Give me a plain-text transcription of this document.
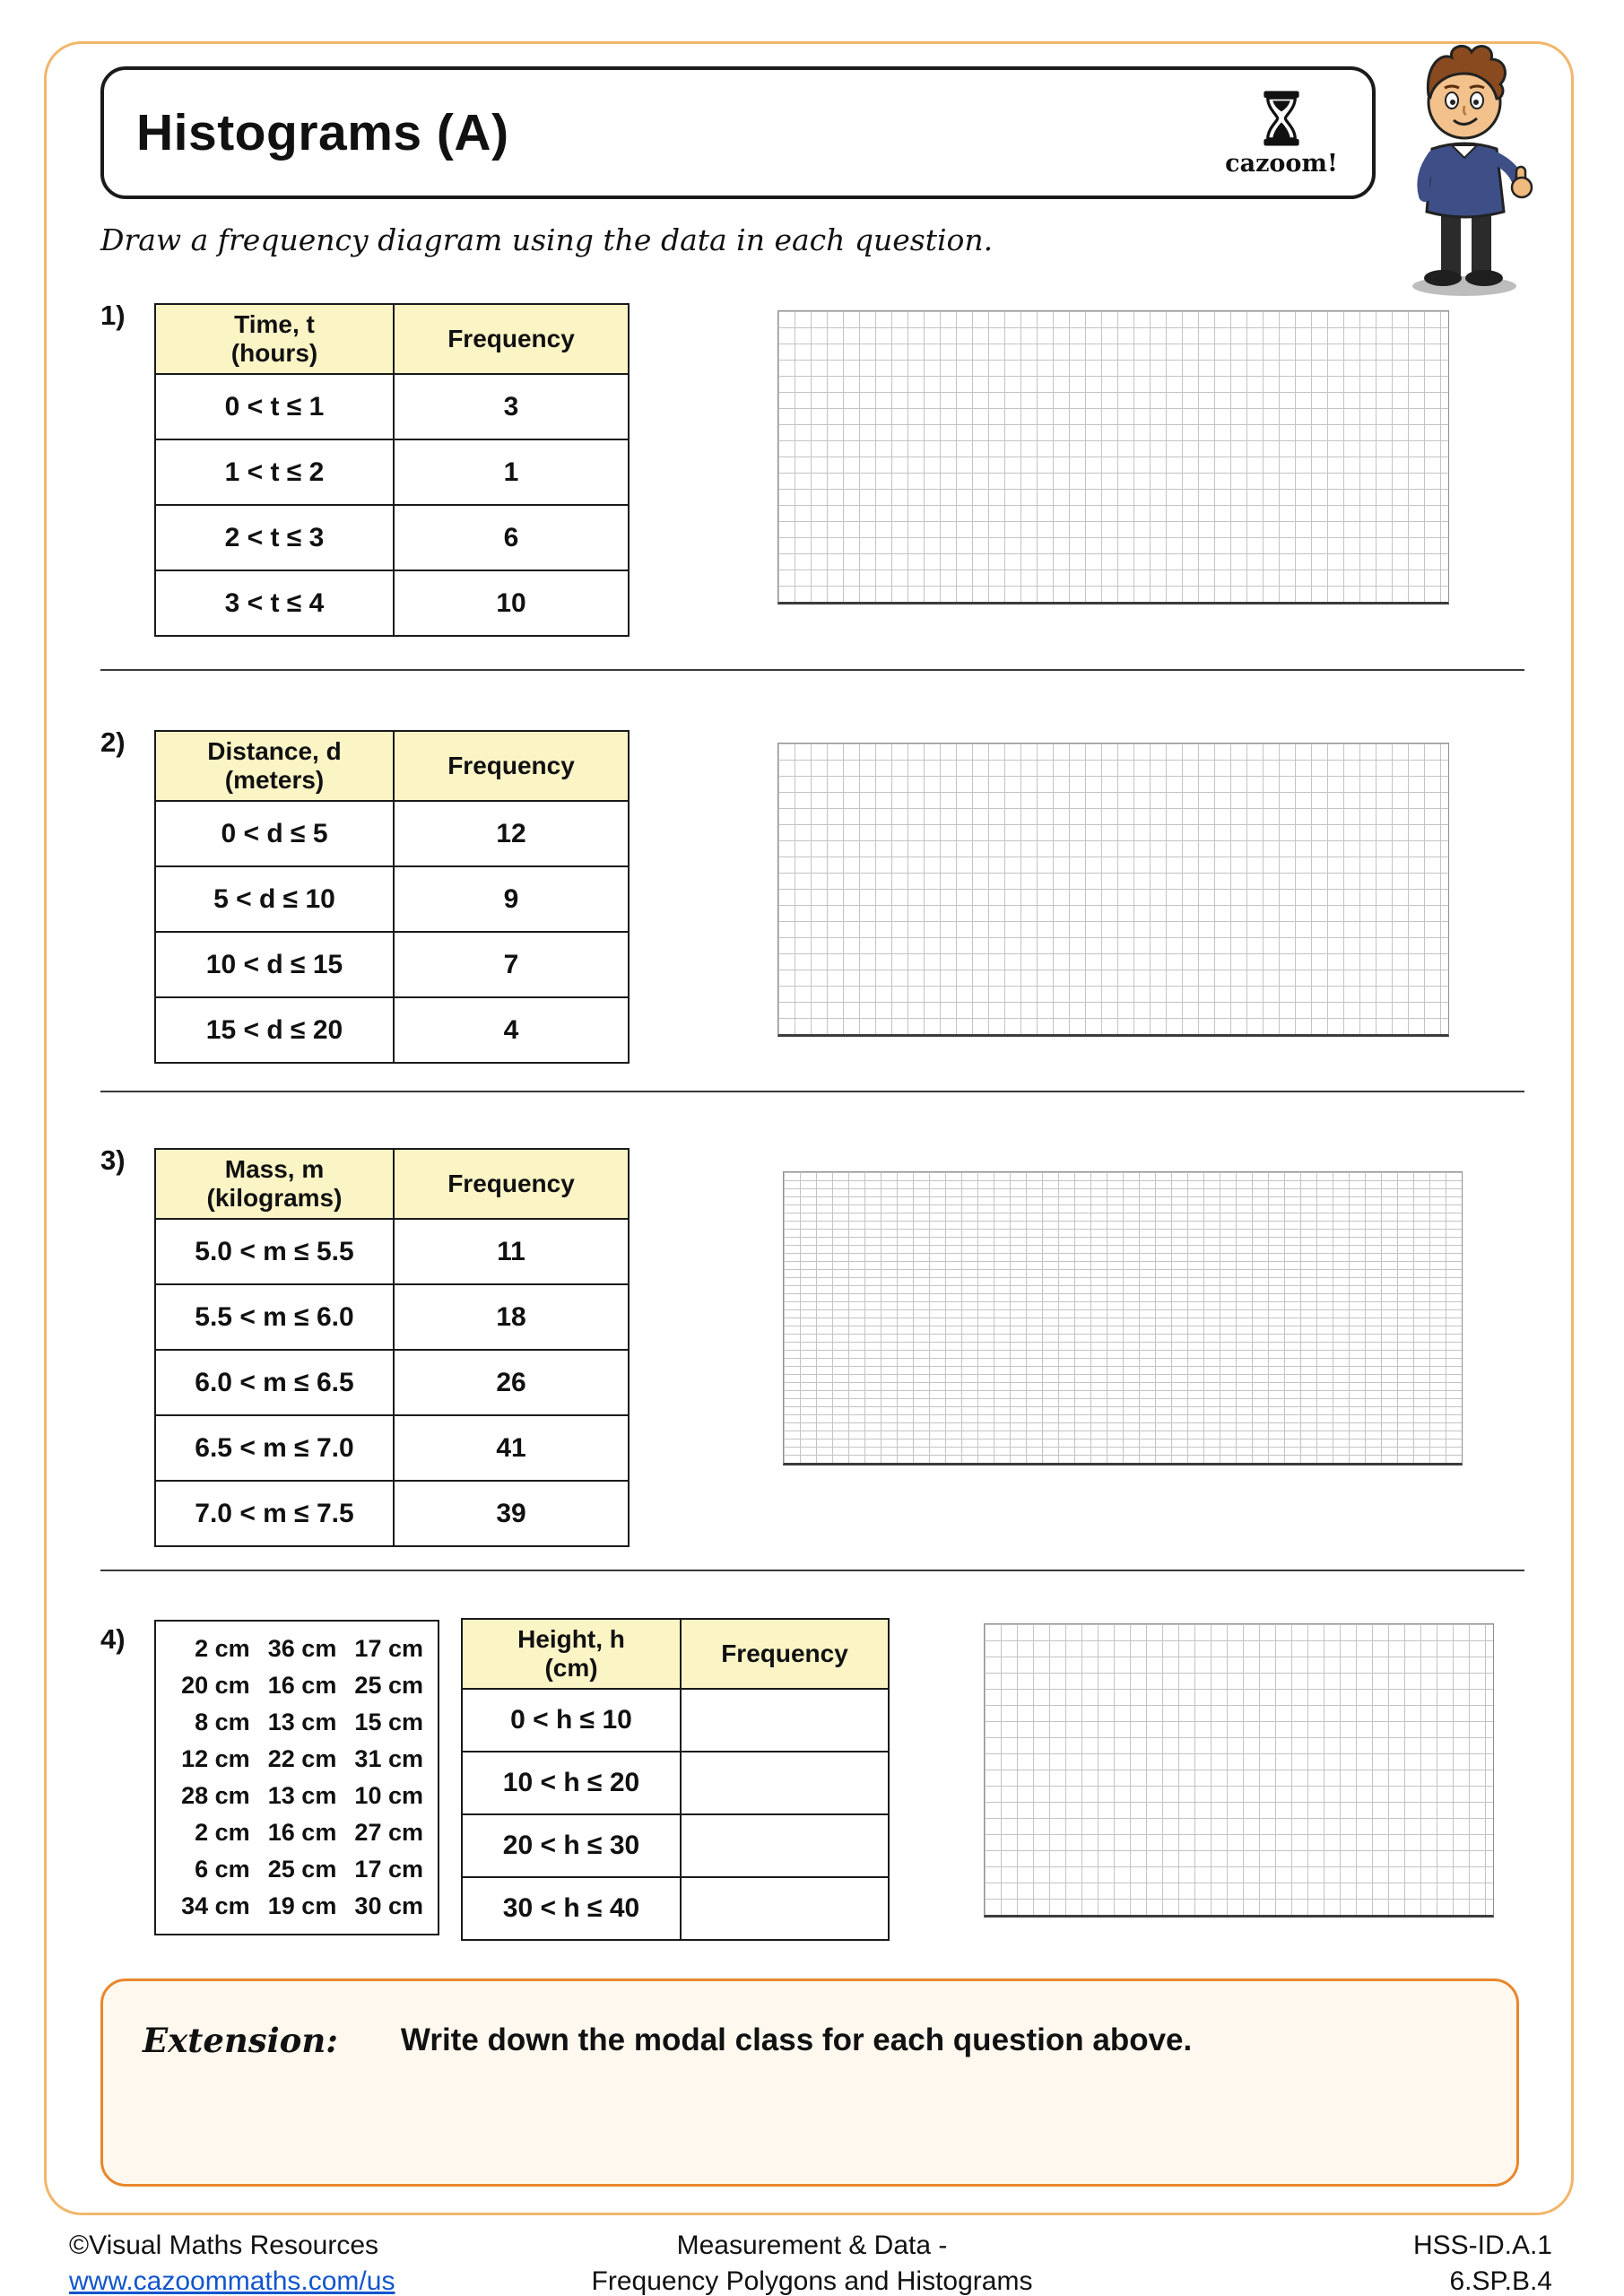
Histograms (A)
cazoom!
Draw a frequency diagram using the data in each question.
1)	Time, t
(hours)	Frequency
0 < t ≤ 1	3
1 < t ≤ 2	1
2 < t ≤ 3	6
3 < t ≤ 4	10
2)	Distance, d
(meters)	Frequency
0 < d ≤ 5	12
5 < d ≤ 10	9
10 < d ≤ 15	7
15 < d ≤ 20	4
3)	Mass, m
(kilograms)	Frequency
5.0 < m ≤ 5.5	11
5.5 < m ≤ 6.0	18
6.0 < m ≤ 6.5	26
6.5 < m ≤ 7.0	41
7.0 < m ≤ 7.5	39
4)	2 cm 36 cm 17 cm
20 cm 16 cm 25 cm
8 cm 13 cm 15 cm
12 cm 22 cm 31 cm
28 cm 13 cm 10 cm
2 cm 16 cm 27 cm
6 cm 25 cm 17 cm
34 cm 19 cm 30 cm
Height, h
(cm)	Frequency
0 < h ≤ 10	
10 < h ≤ 20	
20 < h ≤ 30	
30 < h ≤ 40	
Extension: Write down the modal class for each question above.
©Visual Maths Resources
www.cazoommaths.com/us
Measurement & Data -
Frequency Polygons and Histograms
HSS-ID.A.1
6.SP.B.4
